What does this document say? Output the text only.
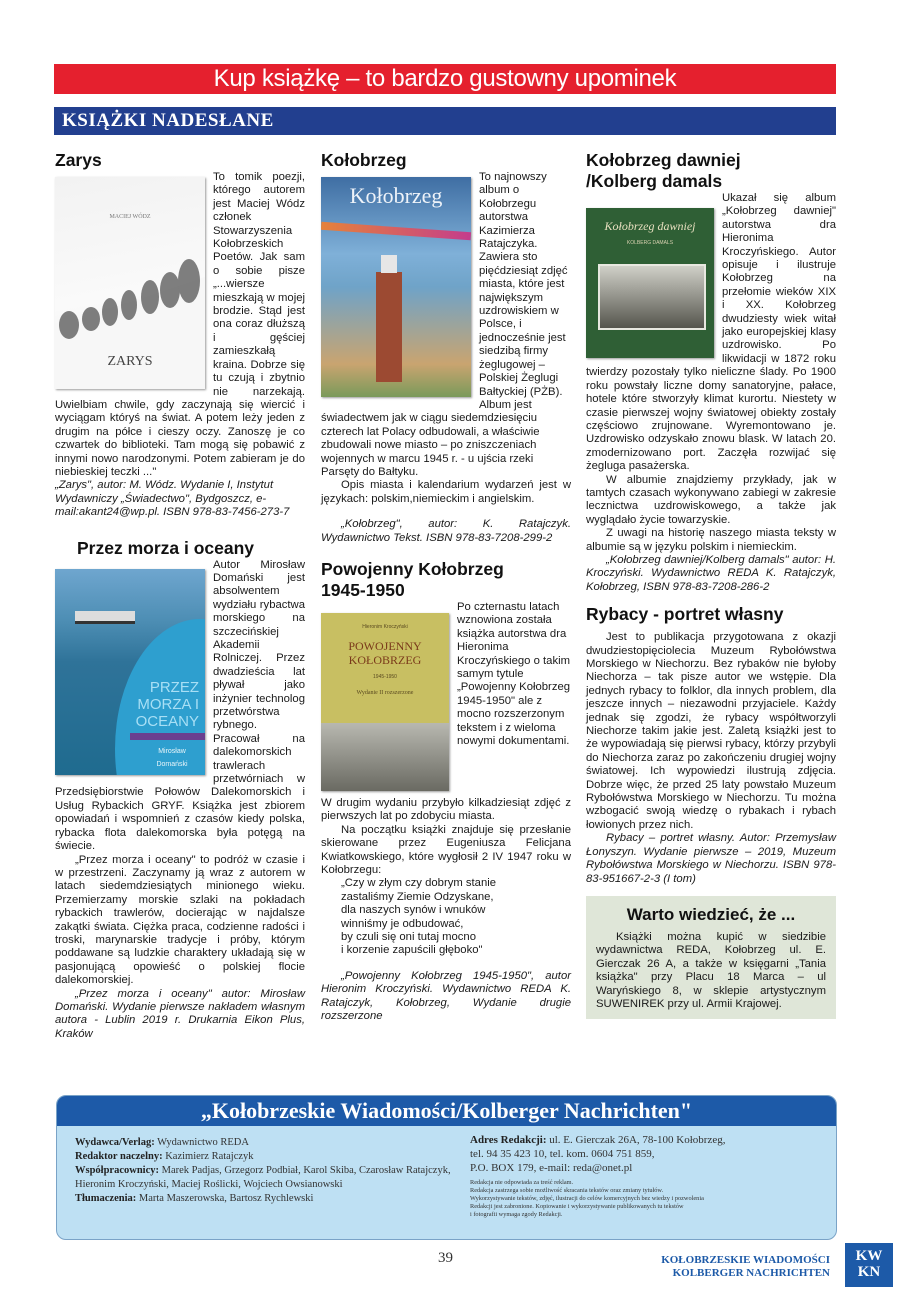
Kup książkę – to bardzo gustowny upominek
KSIĄŻKI NADESŁANE
Zarys
MACIEJ WÓDZ
ZARYS

To tomik poezji, którego autorem jest Maciej Wódz członek Stowarzyszenia Kołobrzeskich Poetów. Jak sam o sobie pisze „...wiersze mieszkają w mojej brodzie. Stąd jest ona coraz dłuższą i gęściej zamieszkałą kraina. Dobrze się tu czują i zbytnio nie narzekają. Uwielbiam chwile, gdy zaczynają się wiercić i wyciągam któryś na świat. A potem leży jeden z drugim na półce i cieszy oczy. Zanoszę je co czwartek do biblioteki. Tam mogą się pobawić z innymi nowo narodzonymi. Potem zabieram je do niebieskiej teczki ..."

„Zarys", autor: M. Wódz. Wydanie I, Instytut Wydawniczy „Świadectwo", Bydgoszcz, e-mail:akant24@wp.pl. ISBN 978-83-7456-273-7

Przez morza i oceany
PRZEZ MORZA I OCEANY
Mirosław Domański

Autor Mirosław Domański jest absolwentem wydziału rybactwa morskiego na szczecińskiej Akademii Rolniczej. Przez dwadzieścia lat pływał jako inżynier technolog przetwórstwa rybnego. Pracował na dalekomorskich trawlerach przetwórniach w Przedsiębiorstwie Połowów Dalekomorskich i Usług Rybackich GRYF. Książka jest zbiorem opowiadań i wspomnień z czasów kiedy polska, rybacka flota dalekomorska była potęgą na świecie.

„Przez morza i oceany" to podróż w czasie i w przestrzeni. Zaczynamy ją wraz z autorem w latach siedemdziesiątych minionego wieku. Przemierzamy morskie szlaki na pokładach rybackich trawlerów, docierając w najdalsze zakątki świata. Ciężka praca, codzienne radości i troski, marynarskie tradycje i próby, którym poddawane są ludzkie charaktery układają się w pasjonującą opowieść o polskiej flocie dalekomorskiej.

„Przez morza i oceany" autor: Mirosław Domański. Wydanie pierwsze nakładem własnym autora - Lublin 2019 r. Drukarnia Eikon Plus, Kraków

Kołobrzeg
Kołobrzeg

To najnowszy album o Kołobrzegu autorstwa Kazimierza Ratajczyka. Zawiera sto pięćdziesiąt zdjęć miasta, które jest największym uzdrowiskiem w Polsce, i jednocześnie jest siedzibą firmy żeglugowej – Polskiej Żeglugi Bałtyckiej (PŻB). Album jest świadectwem jak w ciągu siedemdziesięciu czterech lat Polacy odbudowali, a właściwie zbudowali nowe miasto – po zniszczeniach wojennych w marcu 1945 r. - u ujścia rzeki Parsęty do Bałtyku.

Opis miasta i kalendarium wydarzeń jest w językach: polskim,niemieckim i angielskim.

„Kołobrzeg", autor: K. Ratajczyk. Wydawnictwo Tekst. ISBN 978-83-7208-299-2

Powojenny Kołobrzeg 1945-1950
Hieronim Kroczyński
POWOJENNY KOŁOBRZEG
1945-1950
Wydanie II rozszerzone

Po czternastu latach wznowiona została książka autorstwa dra Hieronima Kroczyńskiego o takim samym tytule „Powojenny Kołobrzeg 1945-1950" ale z mocno rozszerzonym tekstem i z wieloma nowymi dokumentami.

W drugim wydaniu przybyło kilkadziesiąt zdjęć z pierwszych lat po zdobyciu miasta.

Na początku książki znajduje się przesłanie skierowane przez Eugeniusza Felicjana Kwiatkowskiego, które wygłosił 2 IV 1947 roku w Kołobrzegu:

„Czy w złym czy dobrym stanie
zastaliśmy Ziemie Odzyskane,
dla naszych synów i wnuków
winniśmy je odbudować,
by czuli się oni tutaj mocno
i korzenie zapuścili głęboko"

„Powojenny Kołobrzeg 1945-1950", autor Hieronim Kroczyński. Wydawnictwo REDA K. Ratajczyk, Kołobrzeg, Wydanie drugie rozszerzone

Kołobrzeg dawniej /Kolberg damals
Kołobrzeg dawniej
KOLBERG DAMALS

Ukazał się album „Kołobrzeg dawniej" autorstwa dra Hieronima Kroczyńskiego. Autor opisuje i ilustruje Kołobrzeg na przełomie wieków XIX i XX. Kołobrzeg dwudziesty wiek witał jako europejskiej klasy uzdrowisko. Po likwidacji w 1872 roku twierdzy pozostały tylko nieliczne ślady. Po 1900 roku powstały liczne domy sanatoryjne, pałace, hotele które stworzyły klimat kurortu. Niestety w czasie pierwszej wojny światowej obiekty zostały częściowo zrujnowane. Wyremontowano je. Uzdrowisko odzyskało znowu blask. W latach 20. zmodernizowano port. Zaczęła rozwijać się żegluga pasażerska.

W albumie znajdziemy przykłady, jak w tamtych czasach wykonywano zabiegi w zakresie lecznictwa uzdrowiskowego, a także jak wyglądało życie towarzyskie.

Z uwagi na historię naszego miasta teksty w albumie są w języku polskim i niemieckim.

„Kołobrzeg dawniej/Kolberg damals" autor: H. Kroczyński. Wydawnictwo REDA K. Ratajczyk, Kołobrzeg, ISBN 978-83-7208-286-2

Rybacy - portret własny

Jest to publikacja przygotowana z okazji dwudziestopięciolecia Muzeum Rybołówstwa Morskiego w Niechorzu. Bez rybaków nie byłoby Niechorza – tak pisze autor we wstępie. Dla jednych rybacy to folklor, dla innych problem, dla jeszcze innych – niezawodni przyjaciele. Każdy jednak się zgodzi, że rybacy współtworzyli Niechorze takim jakie jest. Zaletą książki jest to że wypowiadają się pierwsi rybacy, którzy przybyli do Niechorza zaraz po zakończeniu drugiej wojny światowej. Ich wypowiedzi ilustrują zdjęcia. Dobrze więc, że przed 25 laty powstało Muzeum Rybołówstwa Morskiego w Niechorzu. Tu można wzbogacić swoją wiedzę o rybakach i rybach łowionych przez nich.

Rybacy – portret własny. Autor: Przemysław Łonyszyn. Wydanie pierwsze – 2019, Muzeum Rybołówstwa Morskiego w Niechorzu. ISBN 978-83-951667-2-3 (I tom)

Warto wiedzieć, że ...

Książki można kupić w siedzibie wydawnictwa REDA, Kołobrzeg ul. E. Gierczak 26 A, a także w księgarni „Tania książka" przy Placu 18 Marca – ul Waryńskiego 8, w sklepie artystycznym SUWENIREK przy ul. Armii Krajowej.

„Kołobrzeskie Wiadomości/Kolberger Nachrichten"
Wydawca/Verlag: Wydawnictwo REDA
Redaktor naczelny: Kazimierz Ratajczyk
Współpracownicy: Marek Padjas, Grzegorz Podbiał, Karol Skiba, Czarosław Ratajczyk, Hieronim Kroczyński, Maciej Roślicki, Wojciech Owsianowski
Tłumaczenia: Marta Maszerowska, Bartosz Rychlewski
Adres Redakcji: ul. E. Gierczak 26A, 78-100 Kołobrzeg,
tel. 94 35 423 10, tel. kom. 0604 751 859,
P.O. BOX 179, e-mail: reda@onet.pl
Redakcja nie odpowiada za treść reklam.
Redakcja zastrzega sobie możliwość skracania tekstów oraz zmiany tytułów.
Wykorzystywanie tekstów, zdjęć, ilustracji do celów komercyjnych bez wiedzy i pozwolenia
Redakcji jest zabronione. Kopiowanie i wykorzystywanie publikowanych tu tekstów
i fotografii wymaga zgody Redakcji.
39	KOŁOBRZESKIE WIADOMOŚCI
KOLBERGER NACHRICHTEN
KW
KN
